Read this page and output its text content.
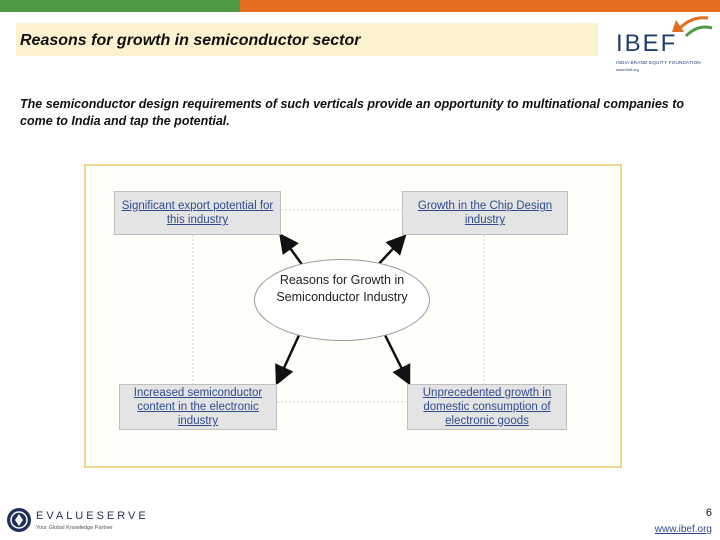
Reasons for growth in semiconductor sector	IBEF
INDIA BRAND EQUITY FOUNDATION
www.ibef.org
The semiconductor design requirements of such verticals provide an opportunity to multinational companies to come to India and tap the potential.
Significant export potential for this industry
Growth in the Chip Design industry
Increased semiconductor content in the electronic industry
Unprecedented growth in domestic consumption of electronic goods
Reasons for Growth in Semiconductor Industry
EVALUESERVE
Your Global Knowledge Partner
6
www.ibef.org
